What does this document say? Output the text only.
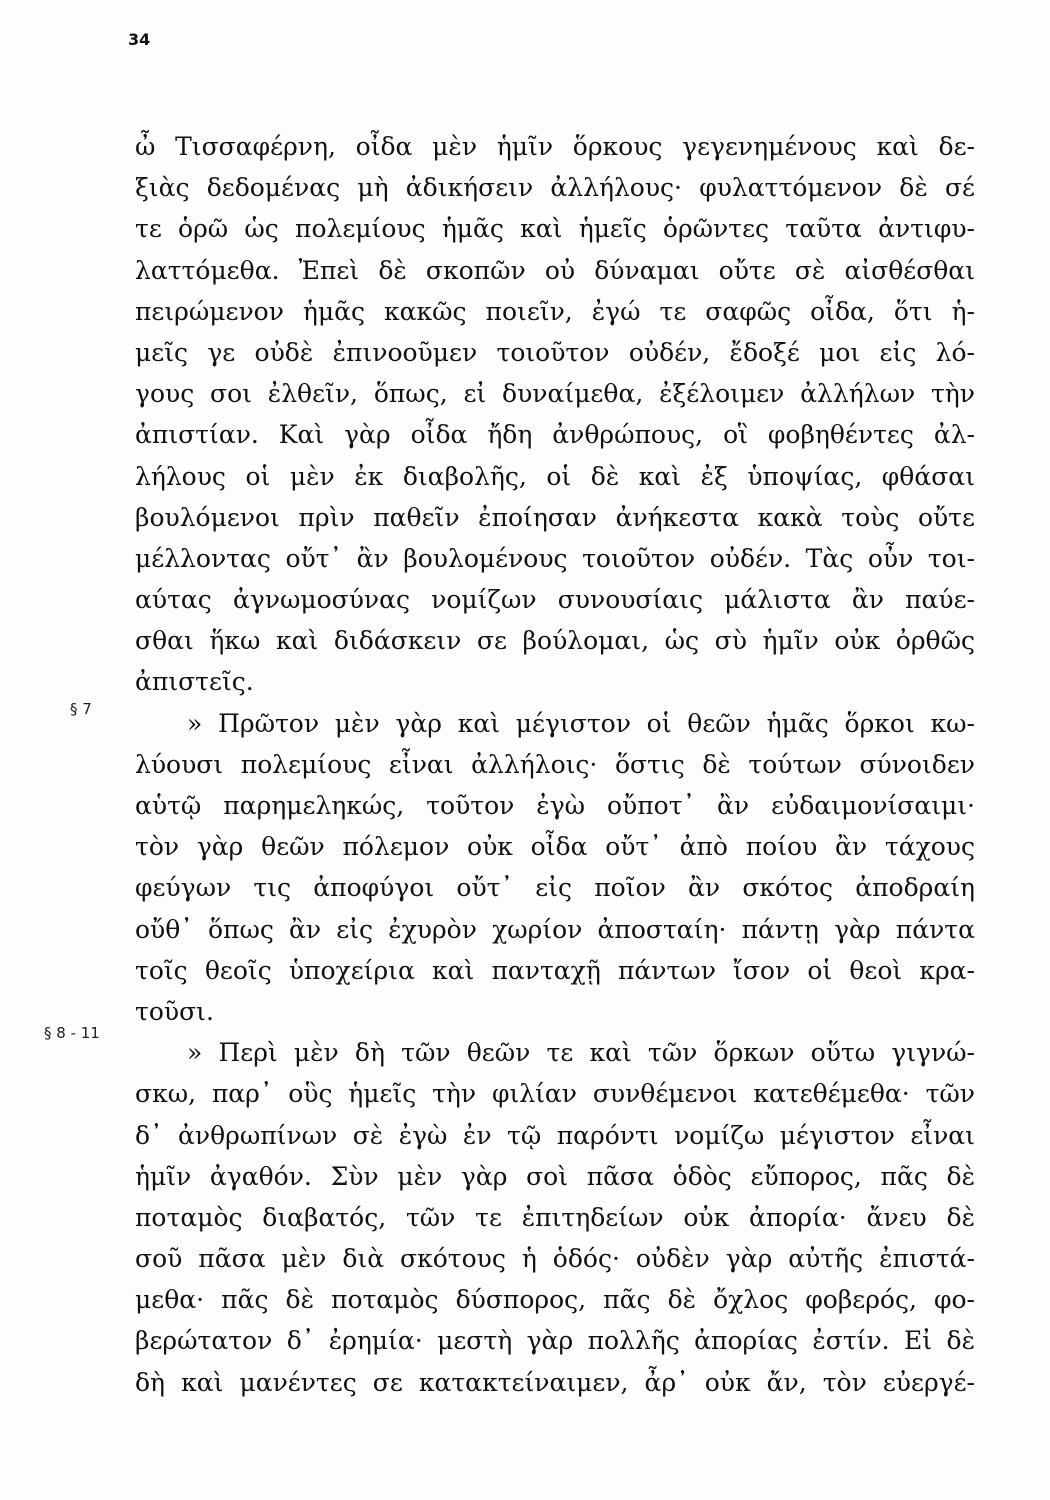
34
§ 7
§ 8 - 11
ὦ Τισσαφέρνη, οἶδα μὲν ἡμῖν ὅρκους γεγενημένους καὶ δε-
ξιὰς δεδομένας μὴ ἀδικήσειν ἀλλήλους· φυλαττόμενον δὲ σέ
τε ὁρῶ ὡς πολεμίους ἡμᾶς καὶ ἡμεῖς ὁρῶντες ταῦτα ἀντιφυ-
λαττόμεθα. Ἐπεὶ δὲ σκοπῶν οὐ δύναμαι οὔτε σὲ αἰσθέσθαι
πειρώμενον ἡμᾶς κακῶς ποιεῖν, ἐγώ τε σαφῶς οἶδα, ὅτι ἡ-
μεῖς γε οὐδὲ ἐπινοοῦμεν τοιοῦτον οὐδέν, ἔδοξέ μοι εἰς λό-
γους σοι ἐλθεῖν, ὅπως, εἰ δυναίμεθα, ἐξέλοιμεν ἀλλήλων τὴν
ἀπιστίαν. Καὶ γὰρ οἶδα ἤδη ἀνθρώπους, οἳ φοβηθέντες ἀλ-
λήλους οἱ μὲν ἐκ διαβολῆς, οἱ δὲ καὶ ἐξ ὑποψίας, φθάσαι
βουλόμενοι πρὶν παθεῖν ἐποίησαν ἀνήκεστα κακὰ τοὺς οὔτε
μέλλοντας οὔτ᾿ ἂν βουλομένους τοιοῦτον οὐδέν. Τὰς οὖν τοι-
αύτας ἀγνωμοσύνας νομίζων συνουσίαις μάλιστα ἂν παύε-
σθαι ἥκω καὶ διδάσκειν σε βούλομαι, ὡς σὺ ἡμῖν οὐκ ὀρθῶς
ἀπιστεῖς.
» Πρῶτον μὲν γὰρ καὶ μέγιστον οἱ θεῶν ἡμᾶς ὅρκοι κω-
λύουσι πολεμίους εἶναι ἀλλήλοις· ὅστις δὲ τούτων σύνοιδεν
αὑτῷ παρημεληκώς, τοῦτον ἐγὼ οὔποτ᾿ ἂν εὐδαιμονίσαιμι·
τὸν γὰρ θεῶν πόλεμον οὐκ οἶδα οὔτ᾿ ἀπὸ ποίου ἂν τάχους
φεύγων τις ἀποφύγοι οὔτ᾿ εἰς ποῖον ἂν σκότος ἀποδραίη
οὔθ᾿ ὅπως ἂν εἰς ἐχυρὸν χωρίον ἀποσταίη· πάντῃ γὰρ πάντα
τοῖς θεοῖς ὑποχείρια καὶ πανταχῇ πάντων ἴσον οἱ θεοὶ κρα-
τοῦσι.
» Περὶ μὲν δὴ τῶν θεῶν τε καὶ τῶν ὅρκων οὕτω γιγνώ-
σκω, παρ᾿ οὓς ἡμεῖς τὴν φιλίαν συνθέμενοι κατεθέμεθα· τῶν
δ᾿ ἀνθρωπίνων σὲ ἐγὼ ἐν τῷ παρόντι νομίζω μέγιστον εἶναι
ἡμῖν ἀγαθόν. Σὺν μὲν γὰρ σοὶ πᾶσα ὁδὸς εὔπορος, πᾶς δὲ
ποταμὸς διαβατός, τῶν τε ἐπιτηδείων οὐκ ἀπορία· ἄνευ δὲ
σοῦ πᾶσα μὲν διὰ σκότους ἡ ὁδός· οὐδὲν γὰρ αὐτῆς ἐπιστά-
μεθα· πᾶς δὲ ποταμὸς δύσπορος, πᾶς δὲ ὄχλος φοβερός, φο-
βερώτατον δ᾿ ἐρημία· μεστὴ γὰρ πολλῆς ἀπορίας ἐστίν. Εἰ δὲ
δὴ καὶ μανέντες σε κατακτείναιμεν, ἆρ᾿ οὐκ ἄν, τὸν εὐεργέ-
